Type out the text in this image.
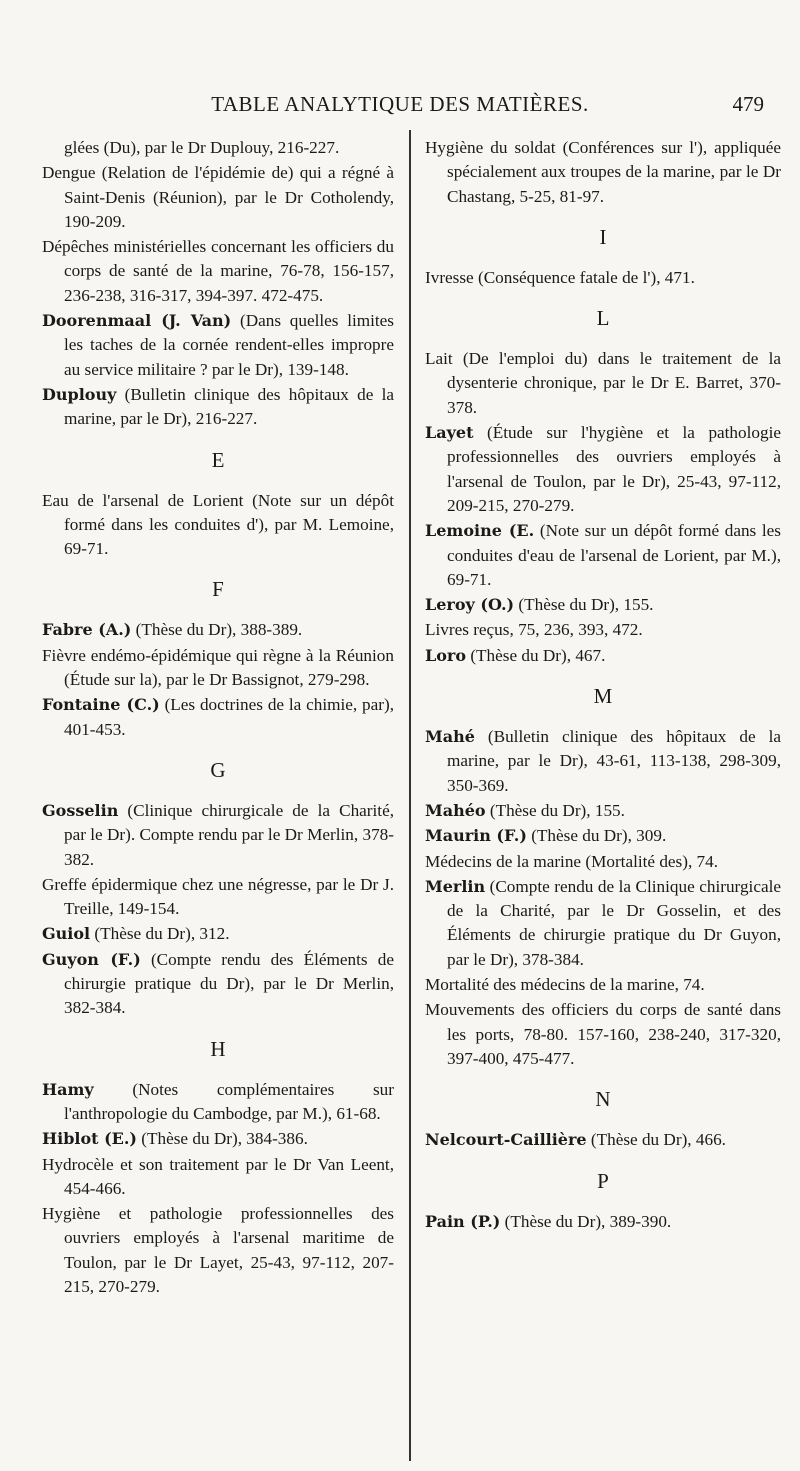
TABLE ANALYTIQUE DES MATIÈRES.	479

glées (Du), par le Dr Duplouy, 216-227.

Dengue (Relation de l'épidémie de) qui a régné à Saint-Denis (Réunion), par le Dr Cotholendy, 190-209.

Dépêches ministérielles concernant les officiers du corps de santé de la marine, 76-78, 156-157, 236-238, 316-317, 394-397. 472-475.

Doorenmaal (J. Van) (Dans quelles limites les taches de la cornée rendent-elles impropre au service militaire ? par le Dr), 139-148.

Duplouy (Bulletin clinique des hôpitaux de la marine, par le Dr), 216-227.

E

Eau de l'arsenal de Lorient (Note sur un dépôt formé dans les conduites d'), par M. Lemoine, 69-71.

F

Fabre (A.) (Thèse du Dr), 388-389.

Fièvre endémo-épidémique qui règne à la Réunion (Étude sur la), par le Dr Bassignot, 279-298.

Fontaine (C.) (Les doctrines de la chimie, par), 401-453.

G

Gosselin (Clinique chirurgicale de la Charité, par le Dr). Compte rendu par le Dr Merlin, 378-382.

Greffe épidermique chez une négresse, par le Dr J. Treille, 149-154.

Guiol (Thèse du Dr), 312.

Guyon (F.) (Compte rendu des Éléments de chirurgie pratique du Dr), par le Dr Merlin, 382-384.

H

Hamy (Notes complémentaires sur l'anthropologie du Cambodge, par M.), 61-68.

Hiblot (E.) (Thèse du Dr), 384-386.

Hydrocèle et son traitement par le Dr Van Leent, 454-466.

Hygiène et pathologie professionnelles des ouvriers employés à l'arsenal maritime de Toulon, par le Dr Layet, 25-43, 97-112, 207-215, 270-279.

Hygiène du soldat (Conférences sur l'), appliquée spécialement aux troupes de la marine, par le Dr Chastang, 5-25, 81-97.

I

Ivresse (Conséquence fatale de l'), 471.

L

Lait (De l'emploi du) dans le traitement de la dysenterie chronique, par le Dr E. Barret, 370-378.

Layet (Étude sur l'hygiène et la pathologie professionnelles des ouvriers employés à l'arsenal de Toulon, par le Dr), 25-43, 97-112, 209-215, 270-279.

Lemoine (E. (Note sur un dépôt formé dans les conduites d'eau de l'arsenal de Lorient, par M.), 69-71.

Leroy (O.) (Thèse du Dr), 155.

Livres reçus, 75, 236, 393, 472.

Loro (Thèse du Dr), 467.

M

Mahé (Bulletin clinique des hôpitaux de la marine, par le Dr), 43-61, 113-138, 298-309, 350-369.

Mahéo (Thèse du Dr), 155.

Maurin (F.) (Thèse du Dr), 309.

Médecins de la marine (Mortalité des), 74.

Merlin (Compte rendu de la Clinique chirurgicale de la Charité, par le Dr Gosselin, et des Éléments de chirurgie pratique du Dr Guyon, par le Dr), 378-384.

Mortalité des médecins de la marine, 74.

Mouvements des officiers du corps de santé dans les ports, 78-80. 157-160, 238-240, 317-320, 397-400, 475-477.

N

Nelcourt-Caillière (Thèse du Dr), 466.

P

Pain (P.) (Thèse du Dr), 389-390.
